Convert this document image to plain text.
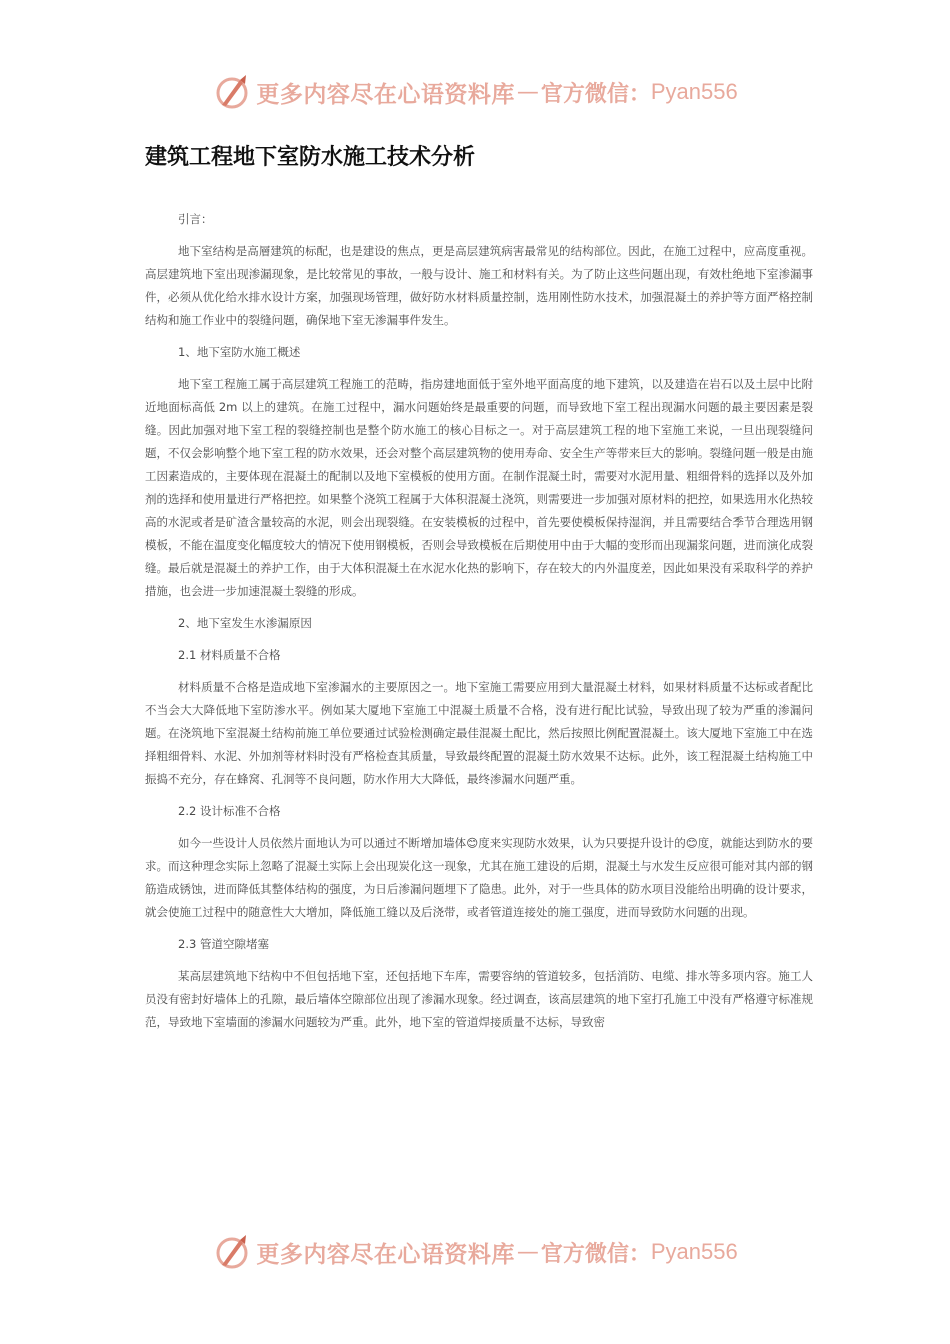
更多内容尽在心语资料库 — 官方微信： Pyan556
建筑工程地下室防水施工技术分析

引言：

地下室结构是高層建筑的标配，也是建设的焦点，更是高层建筑病害最常见的结构部位。因此，在施工过程中，应高度重视。高层建筑地下室出现渗漏现象，是比较常见的事故，一般与设计、施工和材料有关。为了防止这些问题出现，有效杜绝地下室渗漏事件，必须从优化给水排水设计方案，加强现场管理，做好防水材料质量控制，选用刚性防水技术，加强混凝土的养护等方面严格控制结构和施工作业中的裂缝问题，确保地下室无渗漏事件发生。

1、地下室防水施工概述

地下室工程施工属于高层建筑工程施工的范畴，指房建地面低于室外地平面高度的地下建筑，以及建造在岩石以及土层中比附近地面标高低 2m 以上的建筑。在施工过程中，漏水问题始终是最重要的问题，而导致地下室工程出现漏水问题的最主要因素是裂缝。因此加强对地下室工程的裂缝控制也是整个防水施工的核心目标之一。对于高层建筑工程的地下室施工来说，一旦出现裂缝问题，不仅会影响整个地下室工程的防水效果，还会对整个高层建筑物的使用寿命、安全生产等带来巨大的影响。裂缝问题一般是由施工因素造成的，主要体现在混凝土的配制以及地下室模板的使用方面。在制作混凝土时，需要对水泥用量、粗细骨料的选择以及外加剂的选择和使用量进行严格把控。如果整个浇筑工程属于大体积混凝土浇筑，则需要进一步加强对原材料的把控，如果选用水化热较高的水泥或者是矿渣含量较高的水泥，则会出现裂缝。在安装模板的过程中，首先要使模板保持湿润，并且需要结合季节合理选用钢模板，不能在温度变化幅度较大的情况下使用钢模板，否则会导致模板在后期使用中由于大幅的变形而出现漏浆问题，进而演化成裂缝。最后就是混凝土的养护工作，由于大体积混凝土在水泥水化热的影响下，存在较大的内外温度差，因此如果没有采取科学的养护措施，也会进一步加速混凝土裂缝的形成。

2、地下室发生水渗漏原因

2.1 材料质量不合格

材料质量不合格是造成地下室渗漏水的主要原因之一。地下室施工需要应用到大量混凝土材料，如果材料质量不达标或者配比不当会大大降低地下室防渗水平。例如某大厦地下室施工中混凝土质量不合格，没有进行配比试验，导致出现了较为严重的渗漏问题。在浇筑地下室混凝土结构前施工单位要通过试验检测确定最佳混凝土配比，然后按照比例配置混凝土。该大厦地下室施工中在选择粗细骨料、水泥、外加剂等材料时没有严格检查其质量，导致最终配置的混凝土防水效果不达标。此外，该工程混凝土结构施工中振捣不充分，存在蜂窝、孔洞等不良问题，防水作用大大降低，最终渗漏水问题严重。

2.2 设计标准不合格

如今一些设计人员依然片面地认为可以通过不断增加墙体😊度来实现防水效果，认为只要提升设计的😊度，就能达到防水的要求。而这种理念实际上忽略了混凝土实际上会出现炭化这一现象，尤其在施工建设的后期，混凝土与水发生反应很可能对其内部的钢筋造成锈蚀，进而降低其整体结构的强度，为日后渗漏问题埋下了隐患。此外，对于一些具体的防水项目没能给出明确的设计要求，就会使施工过程中的随意性大大增加，降低施工缝以及后浇带，或者管道连接处的施工强度，进而导致防水问题的出现。

2.3 管道空隙堵塞

某高层建筑地下结构中不但包括地下室，还包括地下车库，需要容纳的管道较多，包括消防、电缆、排水等多项内容。施工人员没有密封好墙体上的孔隙，最后墙体空隙部位出现了渗漏水现象。经过调查，该高层建筑的地下室打孔施工中没有严格遵守标准规范，导致地下室墙面的渗漏水问题较为严重。此外，地下室的管道焊接质量不达标，导致密

更多内容尽在心语资料库 — 官方微信： Pyan556
